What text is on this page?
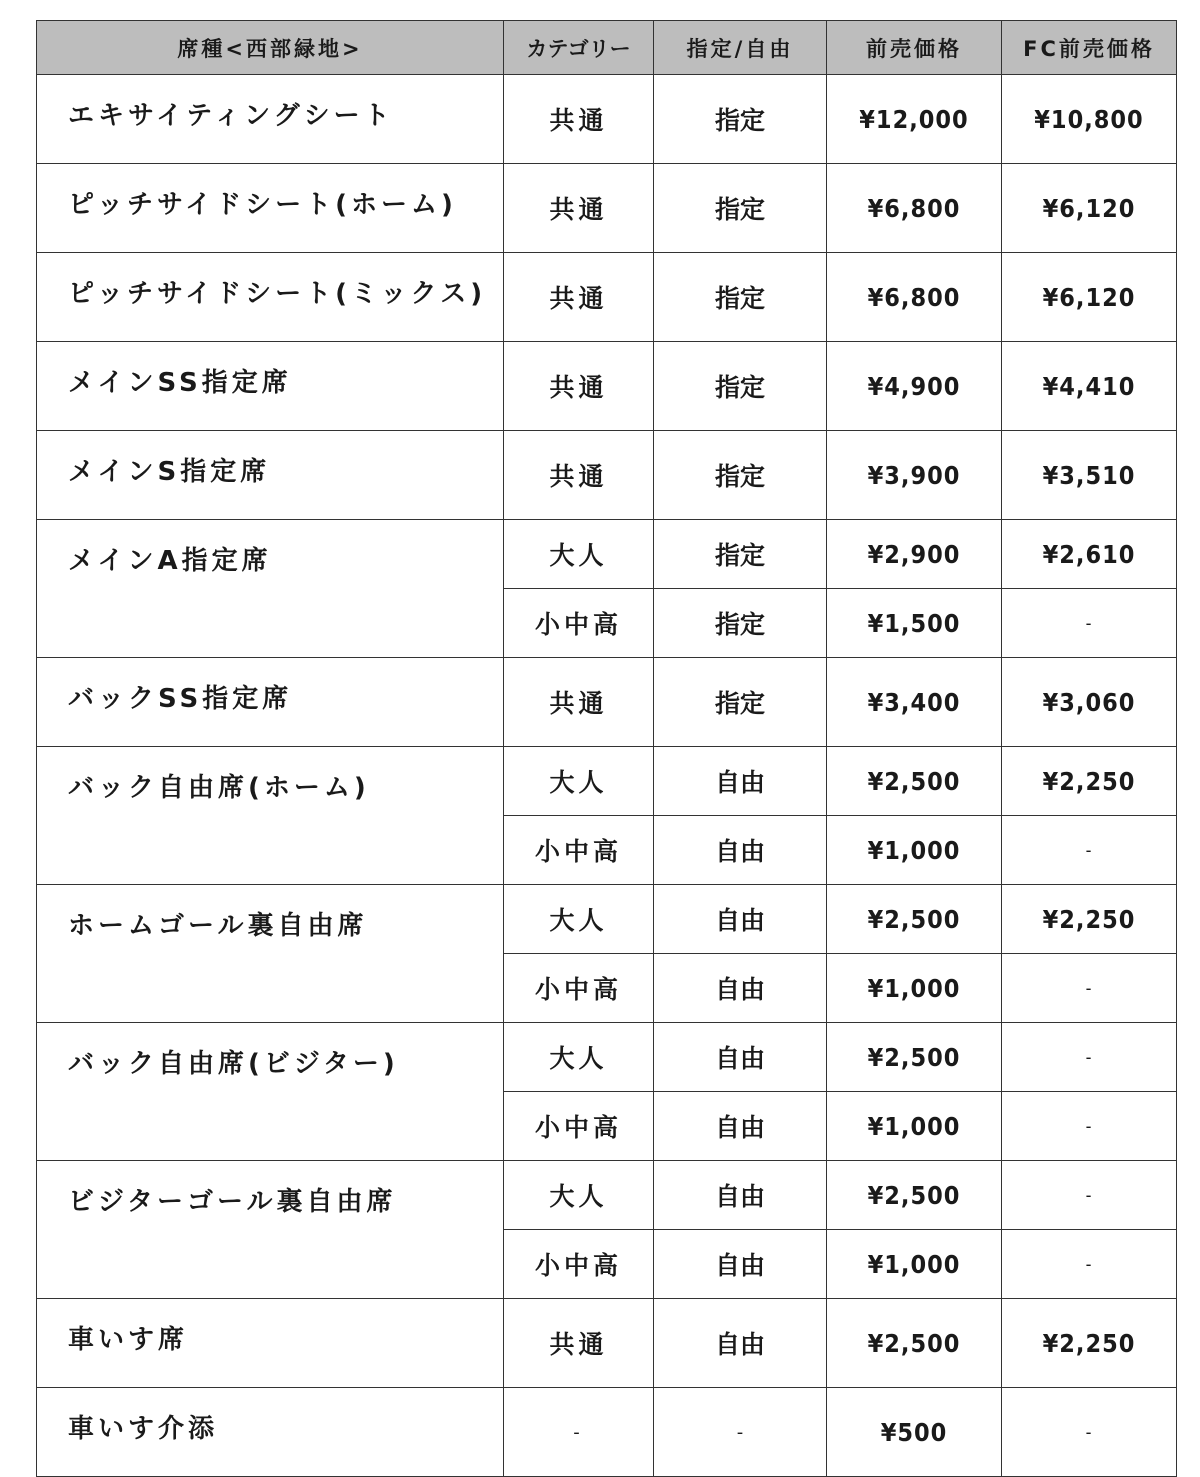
席種<西部緑地>	カテゴリー	指定/自由	前売価格	FC前売価格
エキサイティングシート	共通	指定	¥12,000	¥10,800
ピッチサイドシート(ホーム)	共通	指定	¥6,800	¥6,120
ピッチサイドシート(ミックス)	共通	指定	¥6,800	¥6,120
メインSS指定席	共通	指定	¥4,900	¥4,410
メインS指定席	共通	指定	¥3,900	¥3,510
メインA指定席	大人	指定	¥2,900	¥2,610
	小中高	指定	¥1,500	-
バックSS指定席	共通	指定	¥3,400	¥3,060
バック自由席(ホーム)	大人	自由	¥2,500	¥2,250
	小中高	自由	¥1,000	-
ホームゴール裏自由席	大人	自由	¥2,500	¥2,250
	小中高	自由	¥1,000	-
バック自由席(ビジター)	大人	自由	¥2,500	-
	小中高	自由	¥1,000	-
ビジターゴール裏自由席	大人	自由	¥2,500	-
	小中高	自由	¥1,000	-
車いす席	共通	自由	¥2,500	¥2,250
車いす介添	-	-	¥500	-
